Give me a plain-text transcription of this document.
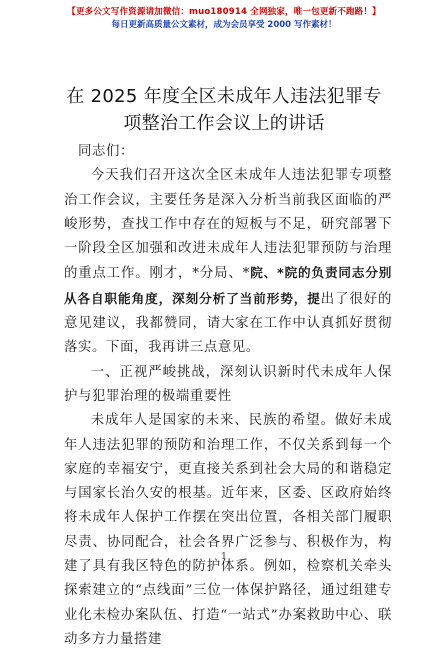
【更多公文写作资源请加微信：muo180914 全网独家，唯一包更新不跑路！】
每日更新高质量公文素材，成为会员享受 2000 写作素材！
在 2025 年度全区未成年人违法犯罪专项整治工作会议上的讲话

同志们：

今天我们召开这次全区未成年人违法犯罪专项整治工作会议，主要任务是深入分析当前我区面临的严峻形势，查找工作中存在的短板与不足，研究部署下一阶段全区加强和改进未成年人违法犯罪预防与治理的重点工作。刚才，*分局、*院、*院的负责同志分别从各自职能角度，深刻分析了当前形势，提出了很好的意见建议，我都赞同，请大家在工作中认真抓好贯彻落实。下面，我再讲三点意见。

一、正视严峻挑战，深刻认识新时代未成年人保护与犯罪治理的极端重要性

未成年人是国家的未来、民族的希望。做好未成年人违法犯罪的预防和治理工作，不仅关系到每一个家庭的幸福安宁，更直接关系到社会大局的和谐稳定与国家长治久安的根基。近年来，区委、区政府始终将未成年人保护工作摆在突出位置，各相关部门履职尽责、协同配合，社会各界广泛参与、积极作为，构建了具有我区特色的防护体系。例如，检察机关牵头探索建立的“点线面”三位一体保护路径，通过组建专业化未检办案队伍、打造“一站式”办案救助中心、联动多方力量搭建

1
